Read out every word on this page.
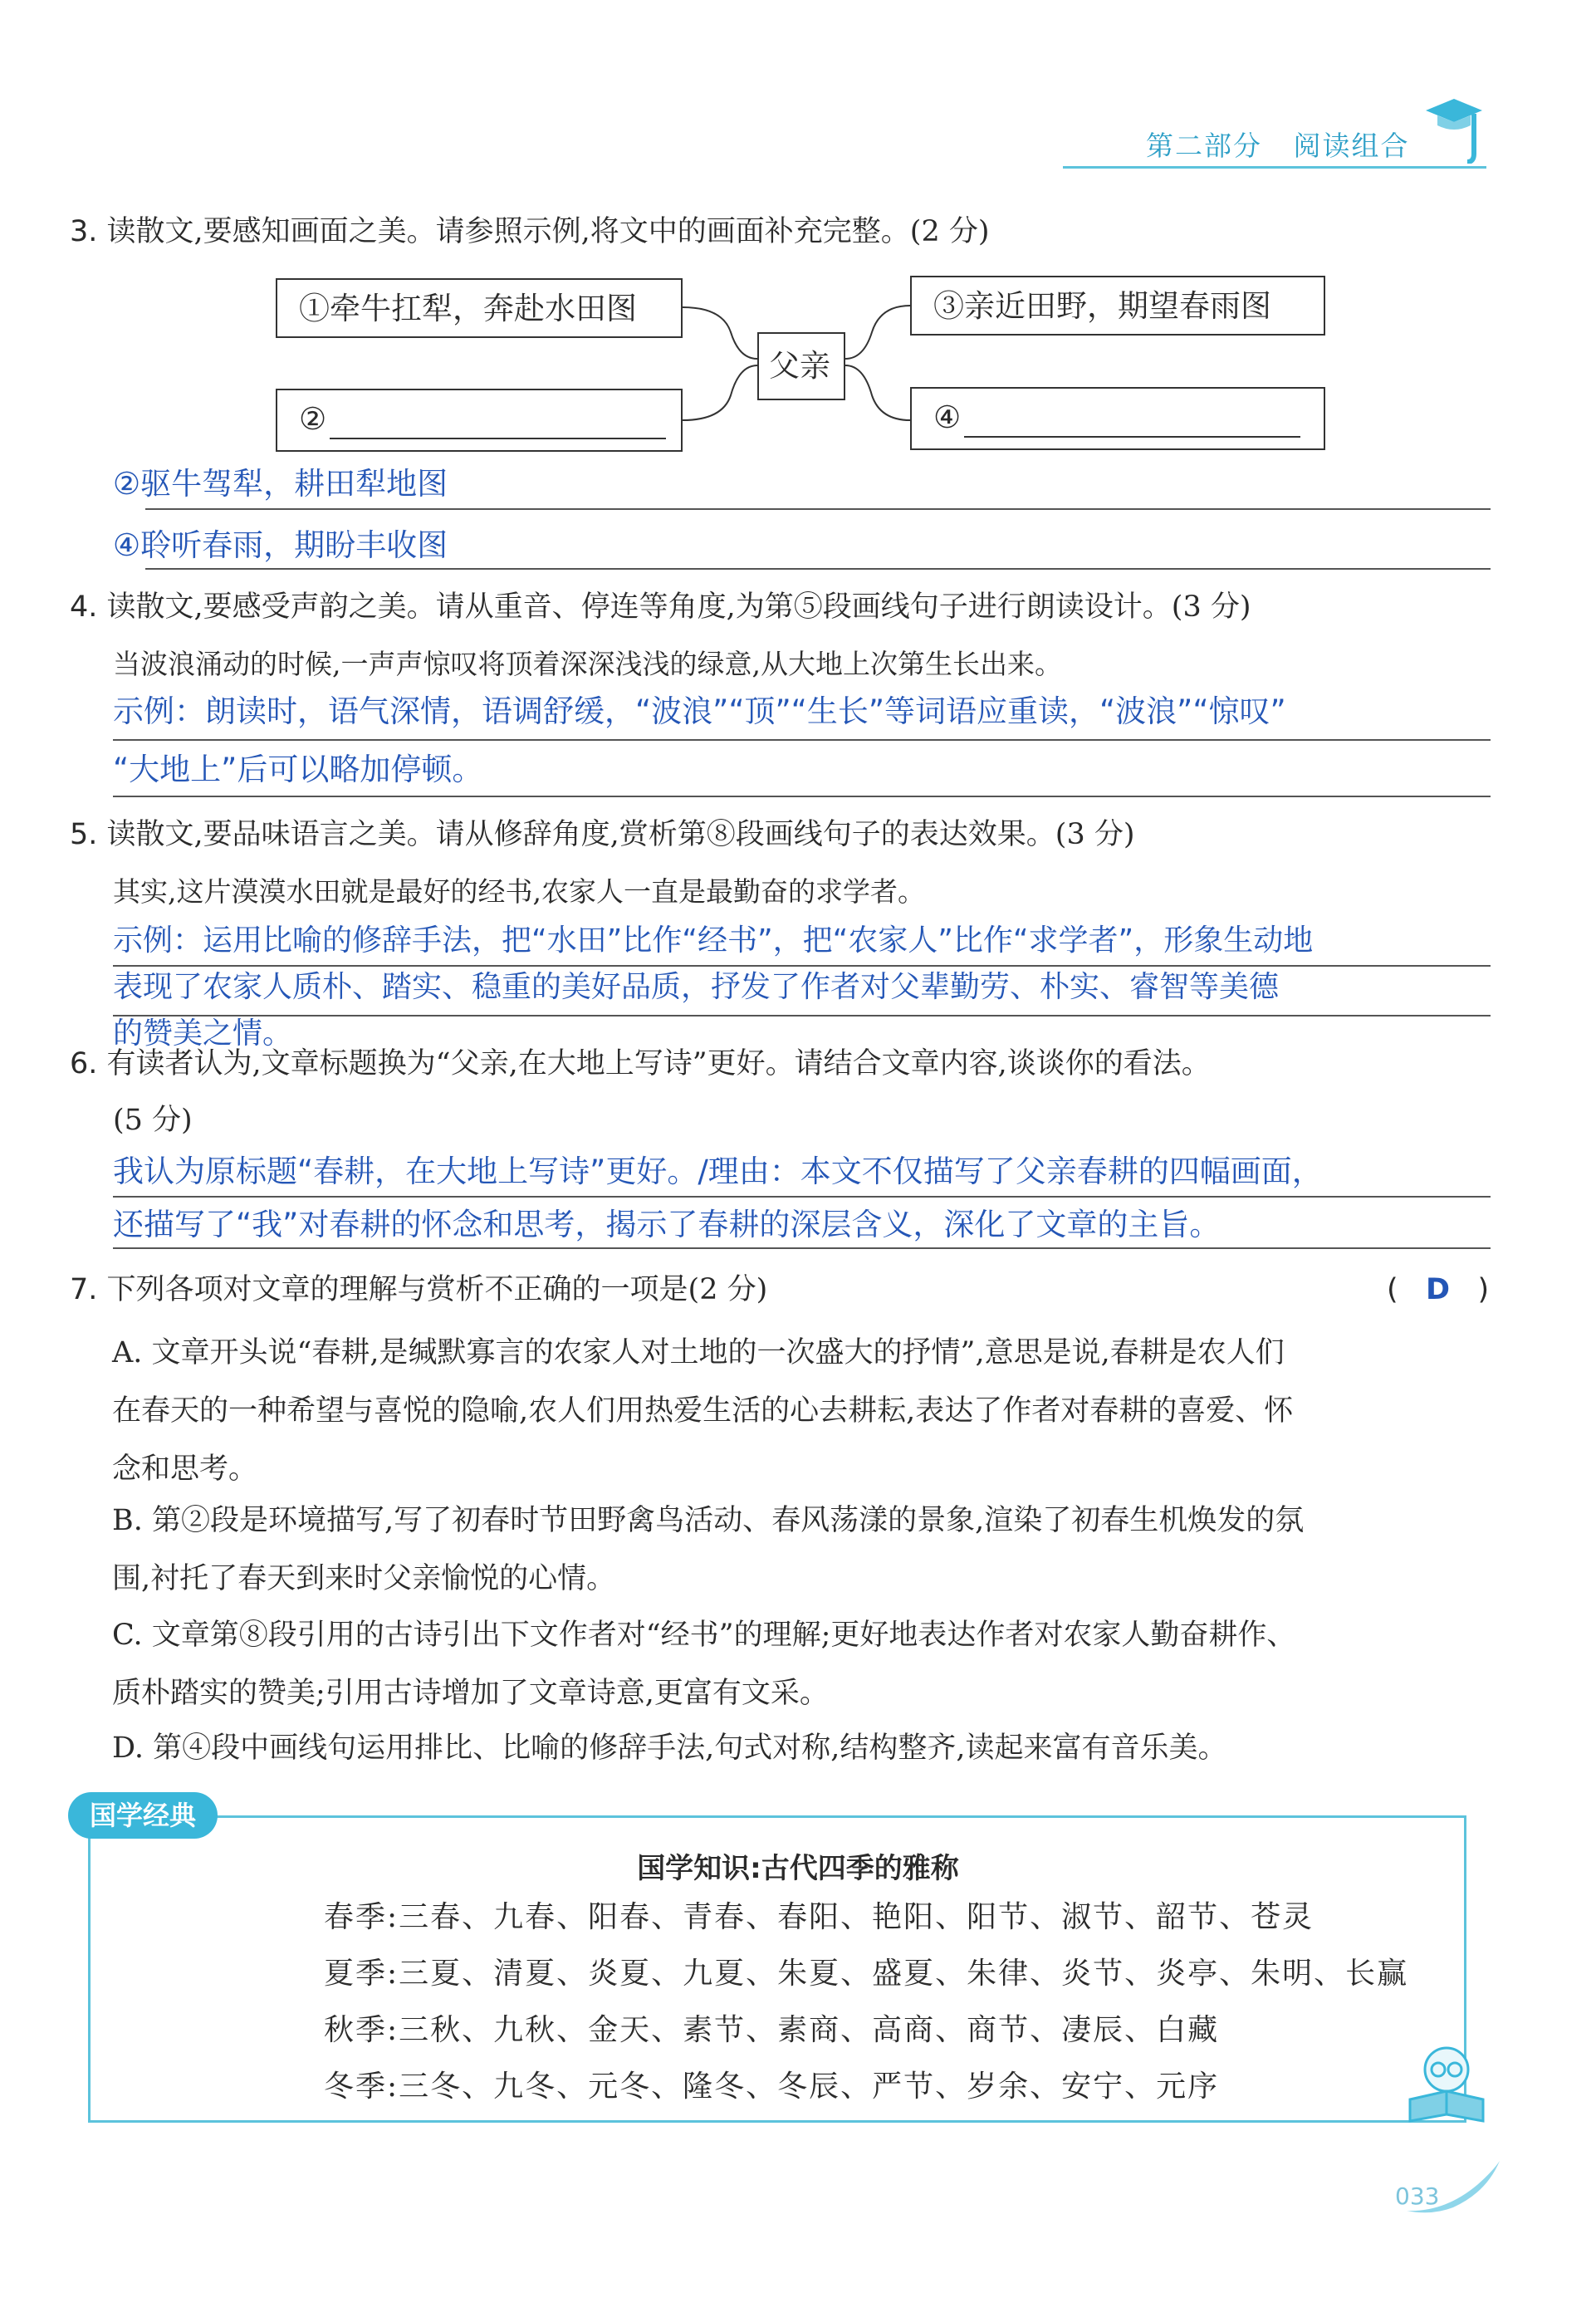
第二部分 阅读组合
3. 读散文,要感知画面之美。请参照示例,将文中的画面补充完整。(2 分)
①牵牛扛犁，奔赴水田图
②
父亲
③亲近田野，期望春雨图
④
②驱牛驾犁，耕田犁地图
④聆听春雨，期盼丰收图
4. 读散文,要感受声韵之美。请从重音、停连等角度,为第⑤段画线句子进行朗读设计。(3 分)
当波浪涌动的时候,一声声惊叹将顶着深深浅浅的绿意,从大地上次第生长出来。
示例：朗读时，语气深情，语调舒缓，“波浪”“顶”“生长”等词语应重读，“波浪”“惊叹”
“大地上”后可以略加停顿。
5. 读散文,要品味语言之美。请从修辞角度,赏析第⑧段画线句子的表达效果。(3 分)
其实,这片漠漠水田就是最好的经书,农家人一直是最勤奋的求学者。
示例：运用比喻的修辞手法，把“水田”比作“经书”，把“农家人”比作“求学者”，形象生动地
表现了农家人质朴、踏实、稳重的美好品质，抒发了作者对父辈勤劳、朴实、睿智等美德
的赞美之情。
6. 有读者认为,文章标题换为“父亲,在大地上写诗”更好。请结合文章内容,谈谈你的看法。
(5 分)
我认为原标题“春耕，在大地上写诗”更好。/理由：本文不仅描写了父亲春耕的四幅画面，
还描写了“我”对春耕的怀念和思考，揭示了春耕的深层含义，深化了文章的主旨。
7. 下列各项对文章的理解与赏析不正确的一项是(2 分)	( D )
A. 文章开头说“春耕,是缄默寡言的农家人对土地的一次盛大的抒情”,意思是说,春耕是农人们
在春天的一种希望与喜悦的隐喻,农人们用热爱生活的心去耕耘,表达了作者对春耕的喜爱、怀
念和思考。
B. 第②段是环境描写,写了初春时节田野禽鸟活动、春风荡漾的景象,渲染了初春生机焕发的氛
围,衬托了春天到来时父亲愉悦的心情。
C. 文章第⑧段引用的古诗引出下文作者对“经书”的理解;更好地表达作者对农家人勤奋耕作、
质朴踏实的赞美;引用古诗增加了文章诗意,更富有文采。
D. 第④段中画线句运用排比、比喻的修辞手法,句式对称,结构整齐,读起来富有音乐美。
国学经典
国学知识:古代四季的雅称
春季:三春、九春、阳春、青春、春阳、艳阳、阳节、淑节、韶节、苍灵
夏季:三夏、清夏、炎夏、九夏、朱夏、盛夏、朱律、炎节、炎亭、朱明、长赢
秋季:三秋、九秋、金天、素节、素商、高商、商节、凄辰、白藏
冬季:三冬、九冬、元冬、隆冬、冬辰、严节、岁余、安宁、元序
033
